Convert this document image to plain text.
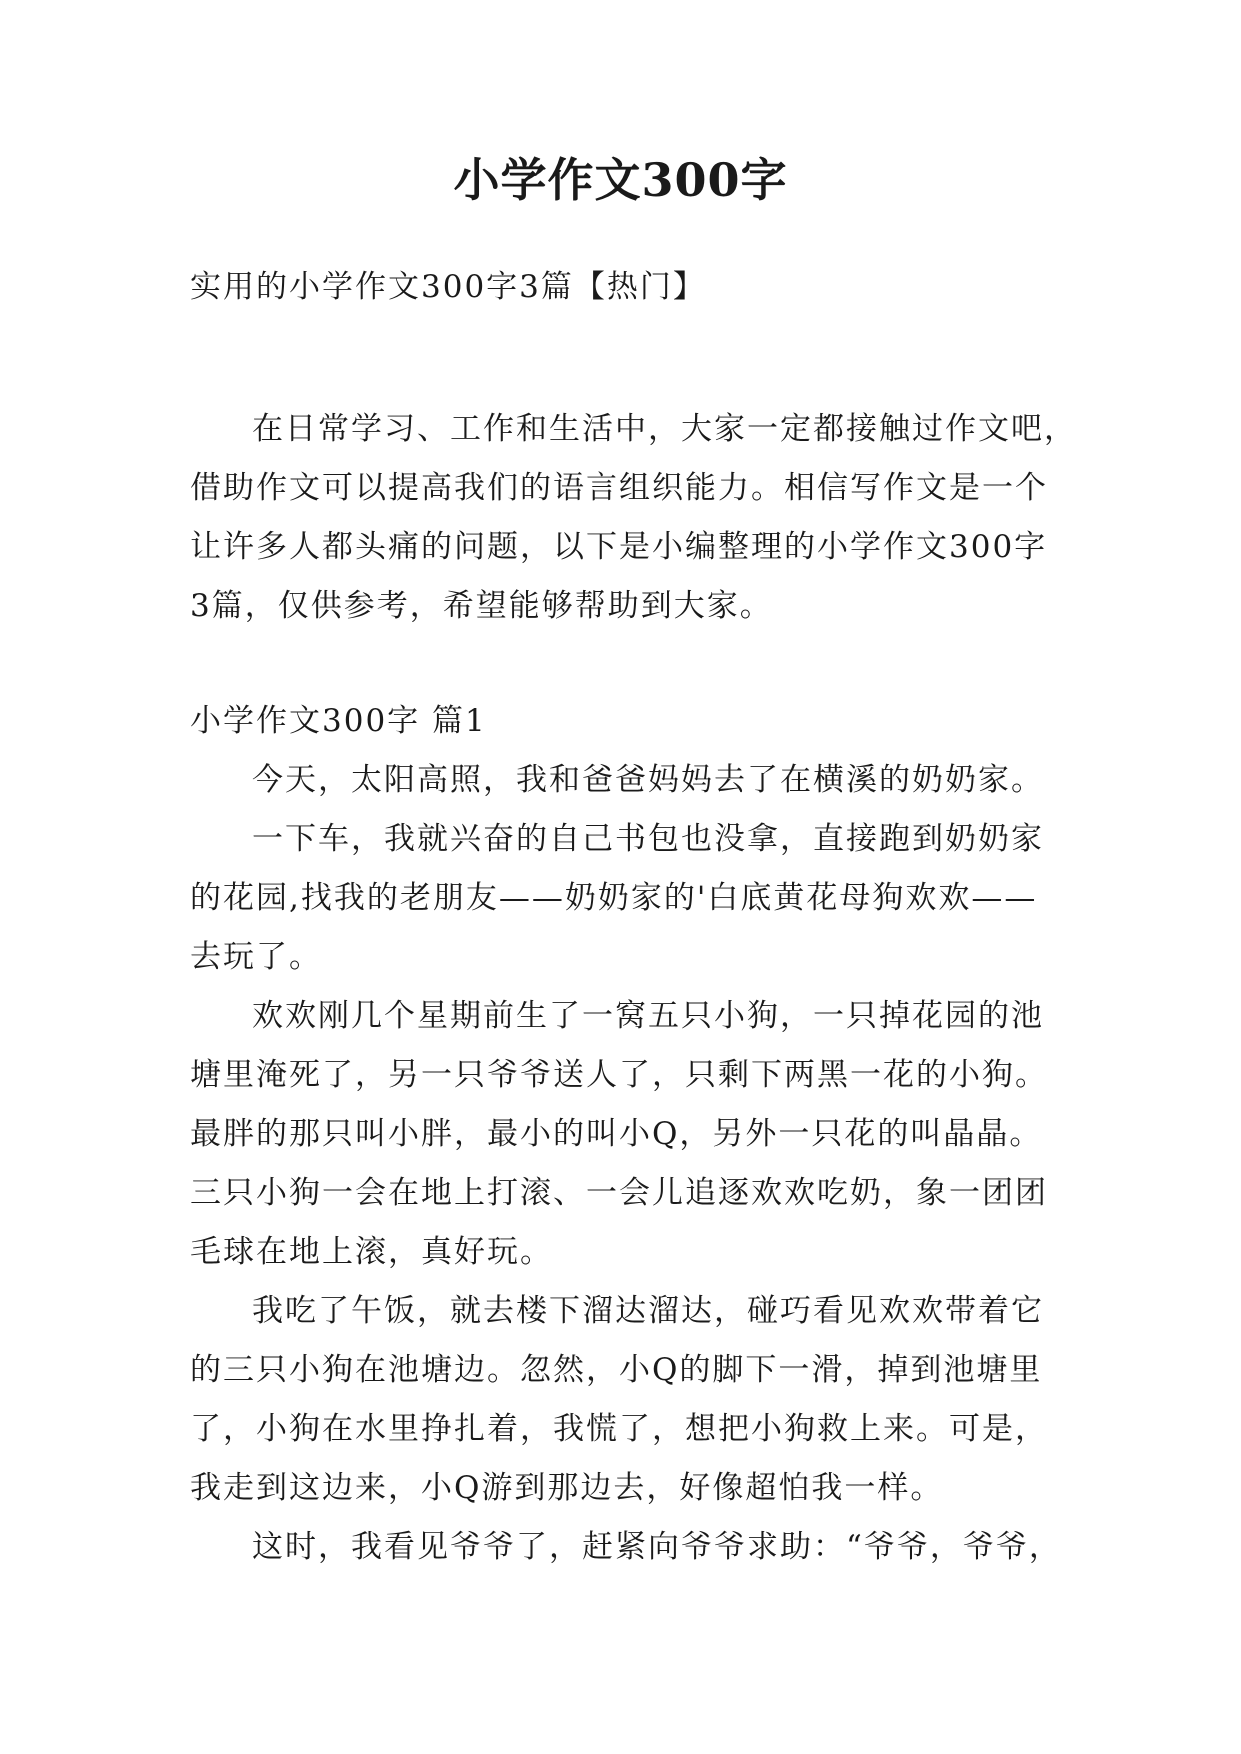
小学作文300字
实用的小学作文300字3篇【热门】
在日常学习、工作和生活中，大家一定都接触过作文吧，
借助作文可以提高我们的语言组织能力。相信写作文是一个
让许多人都头痛的问题，以下是小编整理的小学作文300字
3篇，仅供参考，希望能够帮助到大家。
小学作文300字 篇1

今天，太阳高照，我和爸爸妈妈去了在横溪的奶奶家。

一下车，我就兴奋的自己书包也没拿，直接跑到奶奶家
的花园,找我的老朋友——奶奶家的'白底黄花母狗欢欢——
去玩了。

欢欢刚几个星期前生了一窝五只小狗，一只掉花园的池
塘里淹死了，另一只爷爷送人了，只剩下两黑一花的小狗。
最胖的那只叫小胖，最小的叫小Q，另外一只花的叫晶晶。
三只小狗一会在地上打滚、一会儿追逐欢欢吃奶，象一团团
毛球在地上滚，真好玩。

我吃了午饭，就去楼下溜达溜达，碰巧看见欢欢带着它
的三只小狗在池塘边。忽然，小Q的脚下一滑，掉到池塘里
了，小狗在水里挣扎着，我慌了，想把小狗救上来。可是，
我走到这边来，小Q游到那边去，好像超怕我一样。

这时，我看见爷爷了，赶紧向爷爷求助：“爷爷，爷爷，
